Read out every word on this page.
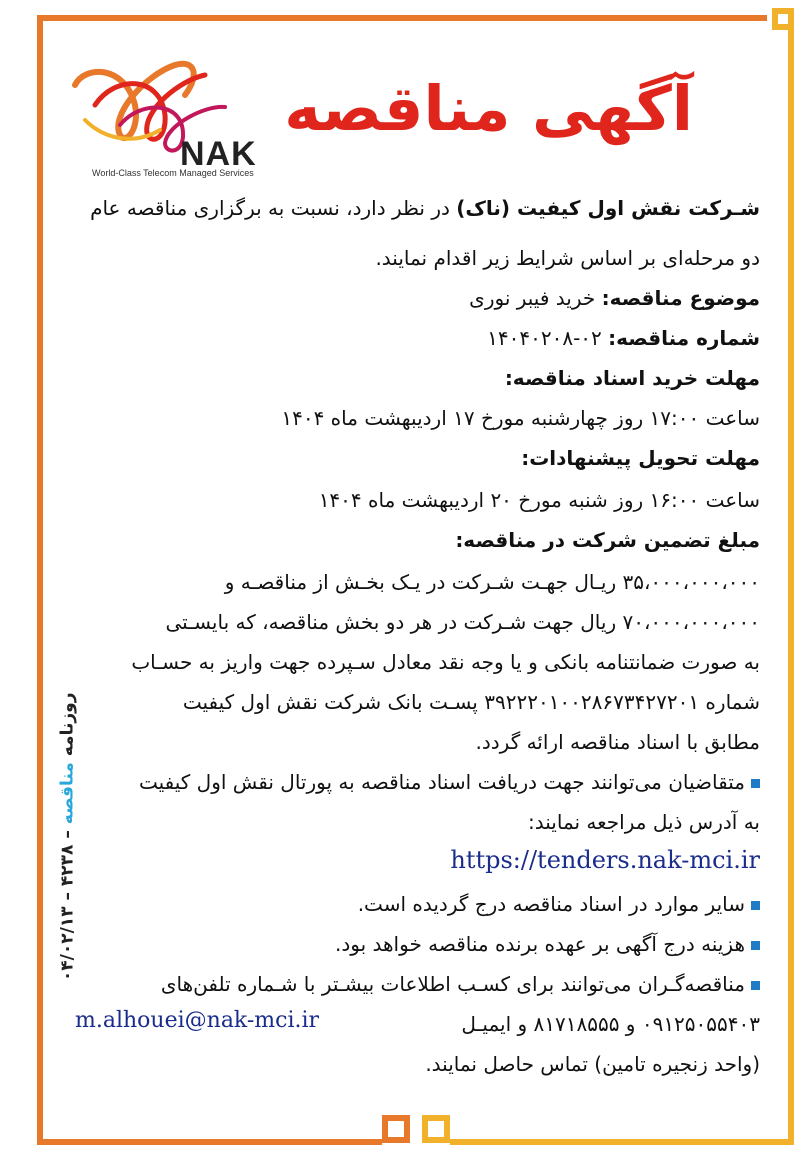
NAK
World-Class Telecom Managed Services
آگهی مناقصه
شـرکت نقش اول کیفیت (ناک) در نظر دارد، نسبت به برگزاری مناقصه عام
دو مرحله‌ای بر اساس شرایط زیر اقدام نمایند.
موضوع مناقصه: خرید فیبر نوری
شماره مناقصه: ۰۲-۱۴۰۴۰۲۰۸
مهلت خرید اسناد مناقصه:
ساعت ۱۷:۰۰ روز چهارشنبه مورخ ۱۷ اردیبهشت ماه ۱۴۰۴
مهلت تحویل پیشنهادات:
ساعت ۱۶:۰۰ روز شنبه مورخ ۲۰ اردیبهشت ماه ۱۴۰۴
مبلغ تضمین شرکت در مناقصه:
۳۵،۰۰۰،۰۰۰،۰۰۰ ریـال جهـت شـرکت در یـک بخـش از مناقصـه و
۷۰،۰۰۰،۰۰۰،۰۰۰ ریال جهت شـرکت در هر دو بخش مناقصه، که بایسـتی
به صورت ضمانتنامه بانکی و یا وجه نقد معادل سـپرده جهت واریز به حسـاب
شماره ۳۹۲۲۲۰۱۰۰۲۸۶۷۳۴۲۷۲۰۱ پسـت بانک شرکت نقش اول کیفیت
مطابق با اسناد مناقصه ارائه گردد.
متقاضیان می‌توانند جهت دریافت اسناد مناقصه به پورتال نقش اول کیفیت
به آدرس ذیل مراجعه نمایند:
https://tenders.nak-mci.ir
سایر موارد در اسناد مناقصه درج گردیده است.
هزینه درج آگهی بر عهده برنده مناقصه خواهد بود.
مناقصه‌گـران می‌توانند برای کسـب اطلاعات بیشـتر با شـماره تلفن‌های
۰۹۱۲۵۰۵۵۴۰۳ و ۸۱۷۱۸۵۵۵ و ایمیـل
m.alhouei@nak-mci.ir
(واحد زنجیره تامین) تماس حاصل نمایند.
روزنامه مناقصه – ۴۲۳۸ – ۰۴/۰۲/۱۳
